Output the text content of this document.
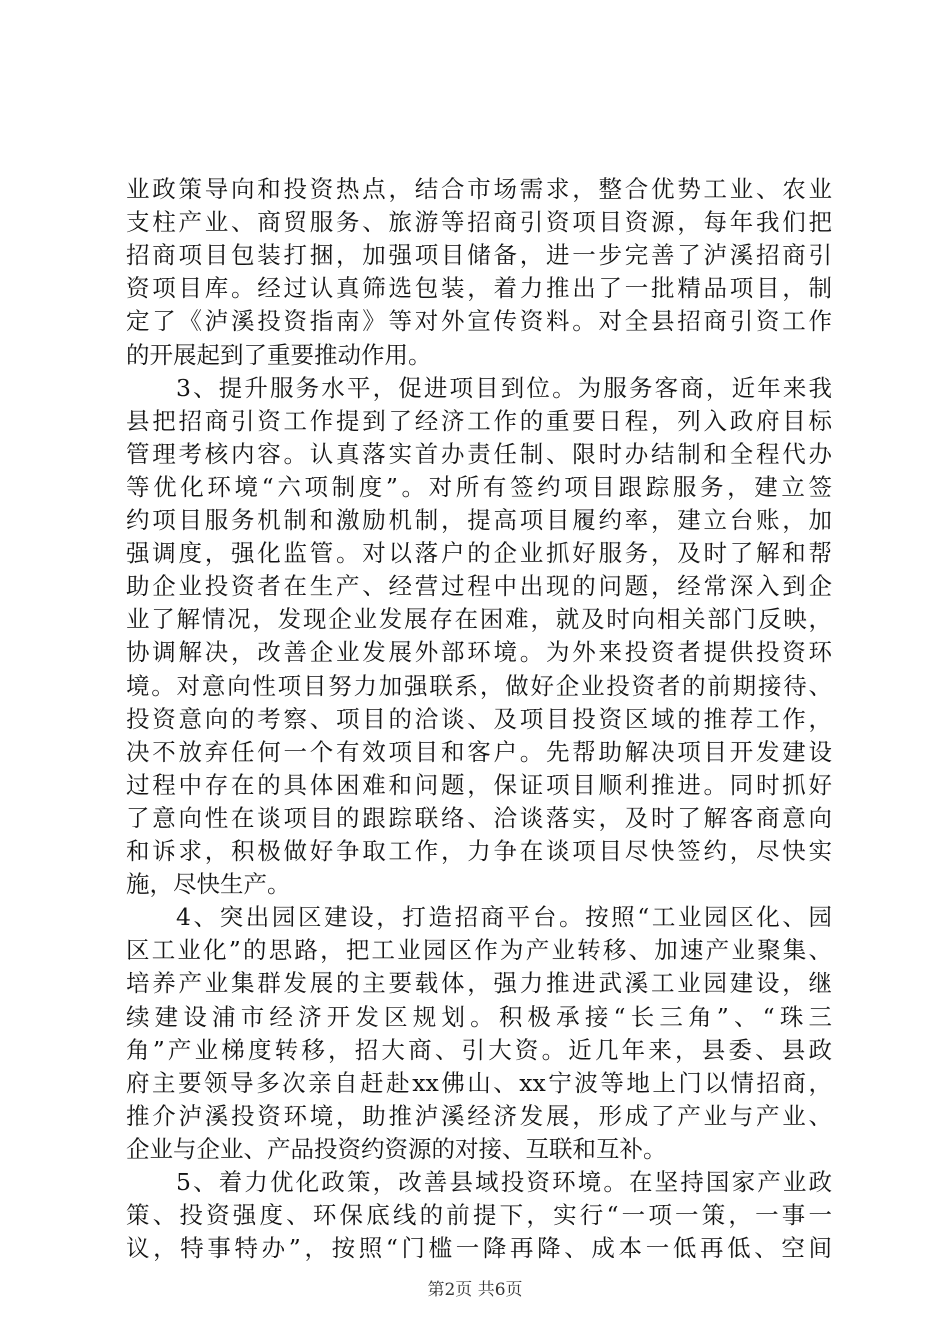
业政策导向和投资热点，结合市场需求，整合优势工业、农业
支柱产业、商贸服务、旅游等招商引资项目资源，每年我们把
招商项目包装打捆，加强项目储备，进一步完善了泸溪招商引
资项目库。经过认真筛选包装，着力推出了一批精品项目，制
定了《泸溪投资指南》等对外宣传资料。对全县招商引资工作
的开展起到了重要推动作用。
3、提升服务水平，促进项目到位。为服务客商，近年来我
县把招商引资工作提到了经济工作的重要日程，列入政府目标
管理考核内容。认真落实首办责任制、限时办结制和全程代办
等优化环境“六项制度”。对所有签约项目跟踪服务，建立签
约项目服务机制和激励机制，提高项目履约率，建立台账，加
强调度，强化监管。对以落户的企业抓好服务，及时了解和帮
助企业投资者在生产、经营过程中出现的问题，经常深入到企
业了解情况，发现企业发展存在困难，就及时向相关部门反映，
协调解决，改善企业发展外部环境。为外来投资者提供投资环
境。对意向性项目努力加强联系，做好企业投资者的前期接待、
投资意向的考察、项目的洽谈、及项目投资区域的推荐工作，
决不放弃任何一个有效项目和客户。先帮助解决项目开发建设
过程中存在的具体困难和问题，保证项目顺利推进。同时抓好
了意向性在谈项目的跟踪联络、洽谈落实，及时了解客商意向
和诉求，积极做好争取工作，力争在谈项目尽快签约，尽快实
施，尽快生产。
4、突出园区建设，打造招商平台。按照“工业园区化、园
区工业化”的思路，把工业园区作为产业转移、加速产业聚集、
培养产业集群发展的主要载体，强力推进武溪工业园建设，继
续建设浦市经济开发区规划。积极承接“长三角”、“珠三
角”产业梯度转移，招大商、引大资。近几年来，县委、县政
府主要领导多次亲自赶赴xx佛山、xx宁波等地上门以情招商，
推介泸溪投资环境，助推泸溪经济发展，形成了产业与产业、
企业与企业、产品投资约资源的对接、互联和互补。
5、着力优化政策，改善县域投资环境。在坚持国家产业政
策、投资强度、环保底线的前提下，实行“一项一策，一事一
议，特事特办”，按照“门槛一降再降、成本一低再低、空间
第2页 共6页
